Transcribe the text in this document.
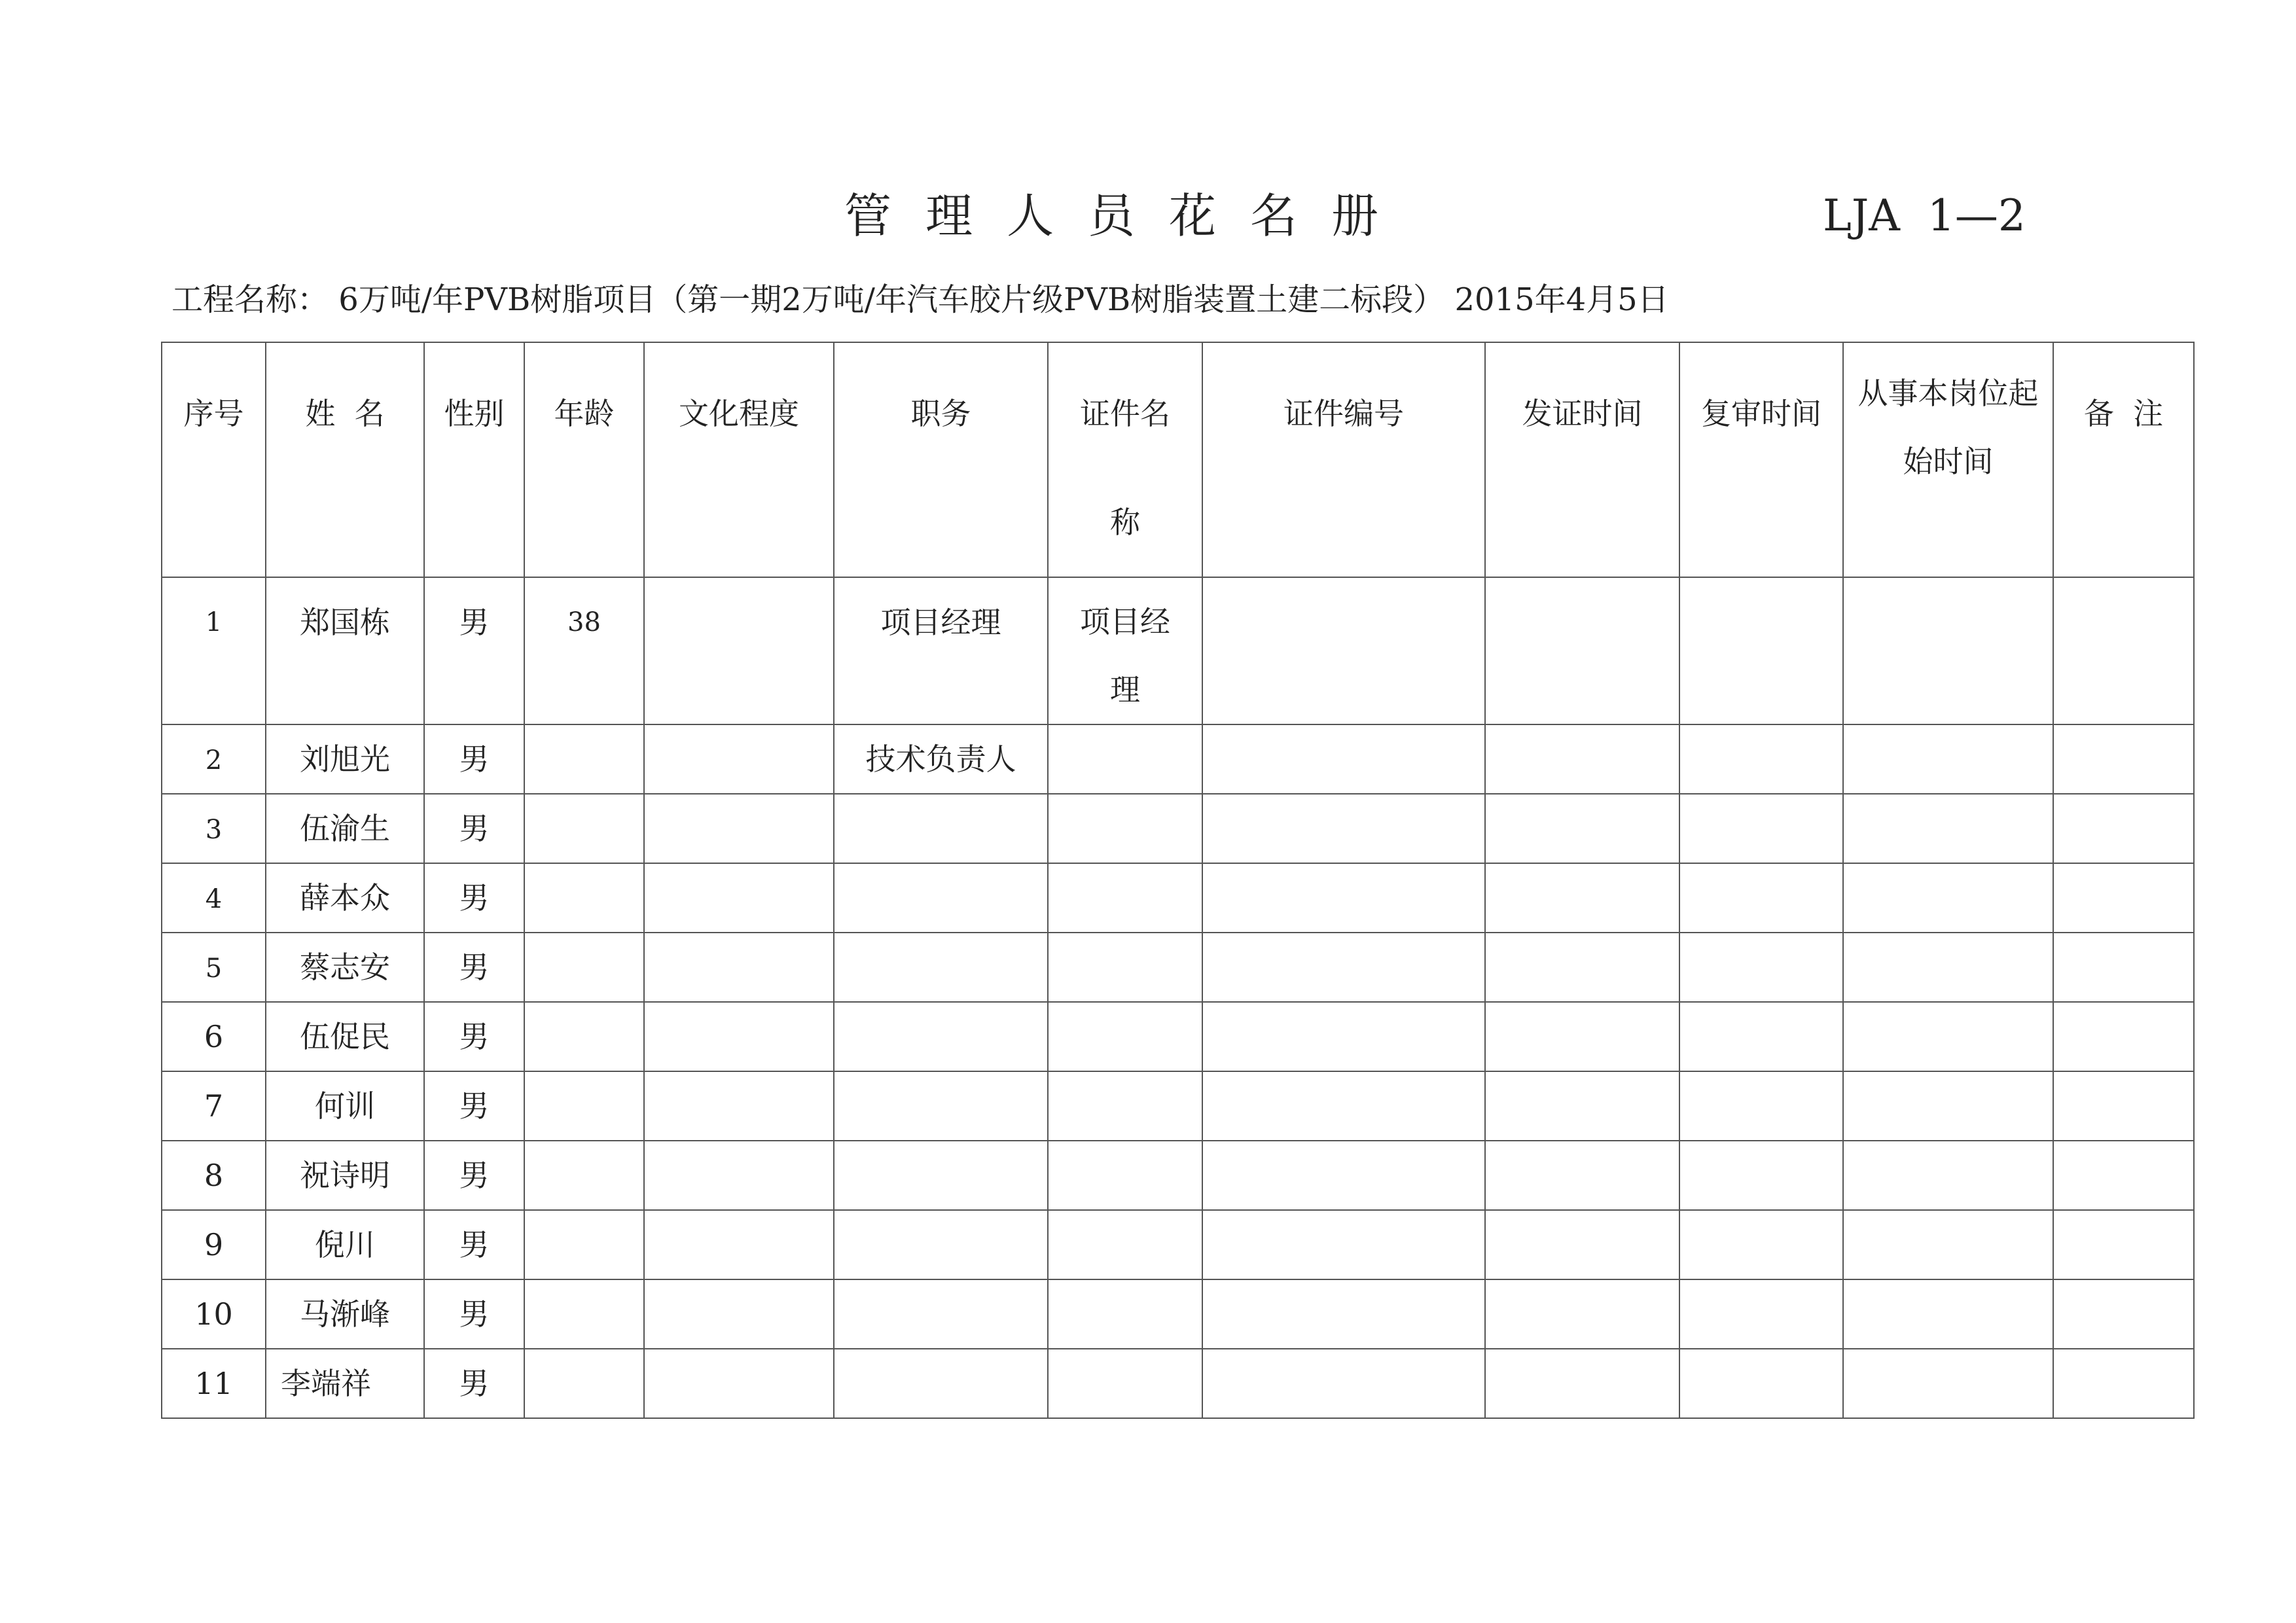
管理人员花名册	LJA  1—2
工程名称： 6万吨/年PVB树脂项目（第一期2万吨/年汽车胶片级PVB树脂装置土建二标段） 2015年4月5日
序号	姓  名	性别	年龄	文化程度	职务	证件名称	证件编号	发证时间	复审时间	从事本岗位起始时间	备  注

1	郑国栋	男	38		项目经理	项目经理					

2	刘旭光	男			技术负责人						
3	伍渝生	男									
4	薛本众	男									
5	蔡志安	男									
6	伍促民	男									
7	何训	男									
8	祝诗明	男									
9	倪川	男									
10	马渐峰	男									
11	李端祥	男									
